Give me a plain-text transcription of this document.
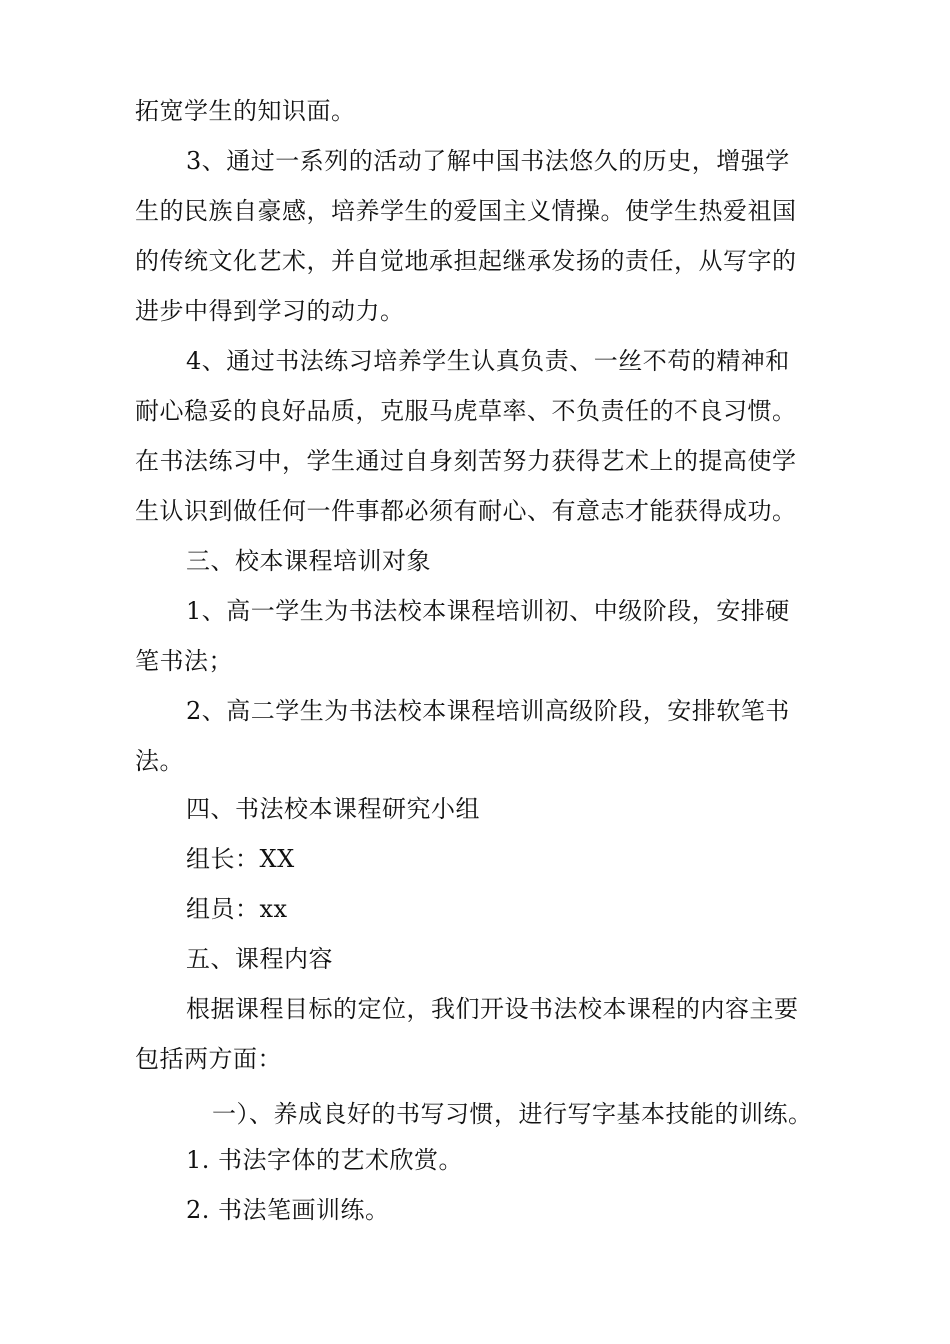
拓宽学生的知识面。
3、通过一系列的活动了解中国书法悠久的历史，增强学
生的民族自豪感，培养学生的爱国主义情操。使学生热爱祖国
的传统文化艺术，并自觉地承担起继承发扬的责任，从写字的
进步中得到学习的动力。
4、通过书法练习培养学生认真负责、一丝不苟的精神和
耐心稳妥的良好品质，克服马虎草率、不负责任的不良习惯。
在书法练习中，学生通过自身刻苦努力获得艺术上的提高使学
生认识到做任何一件事都必须有耐心、有意志才能获得成功。
三、校本课程培训对象
1、高一学生为书法校本课程培训初、中级阶段，安排硬
笔书法；
2、高二学生为书法校本课程培训高级阶段，安排软笔书
法。
四、书法校本课程研究小组
组长：XX
组员：xx
五、课程内容
根据课程目标的定位，我们开设书法校本课程的内容主要
包括两方面：
一）、养成良好的书写习惯，进行写字基本技能的训练。
1. 书法字体的艺术欣赏。
2. 书法笔画训练。
